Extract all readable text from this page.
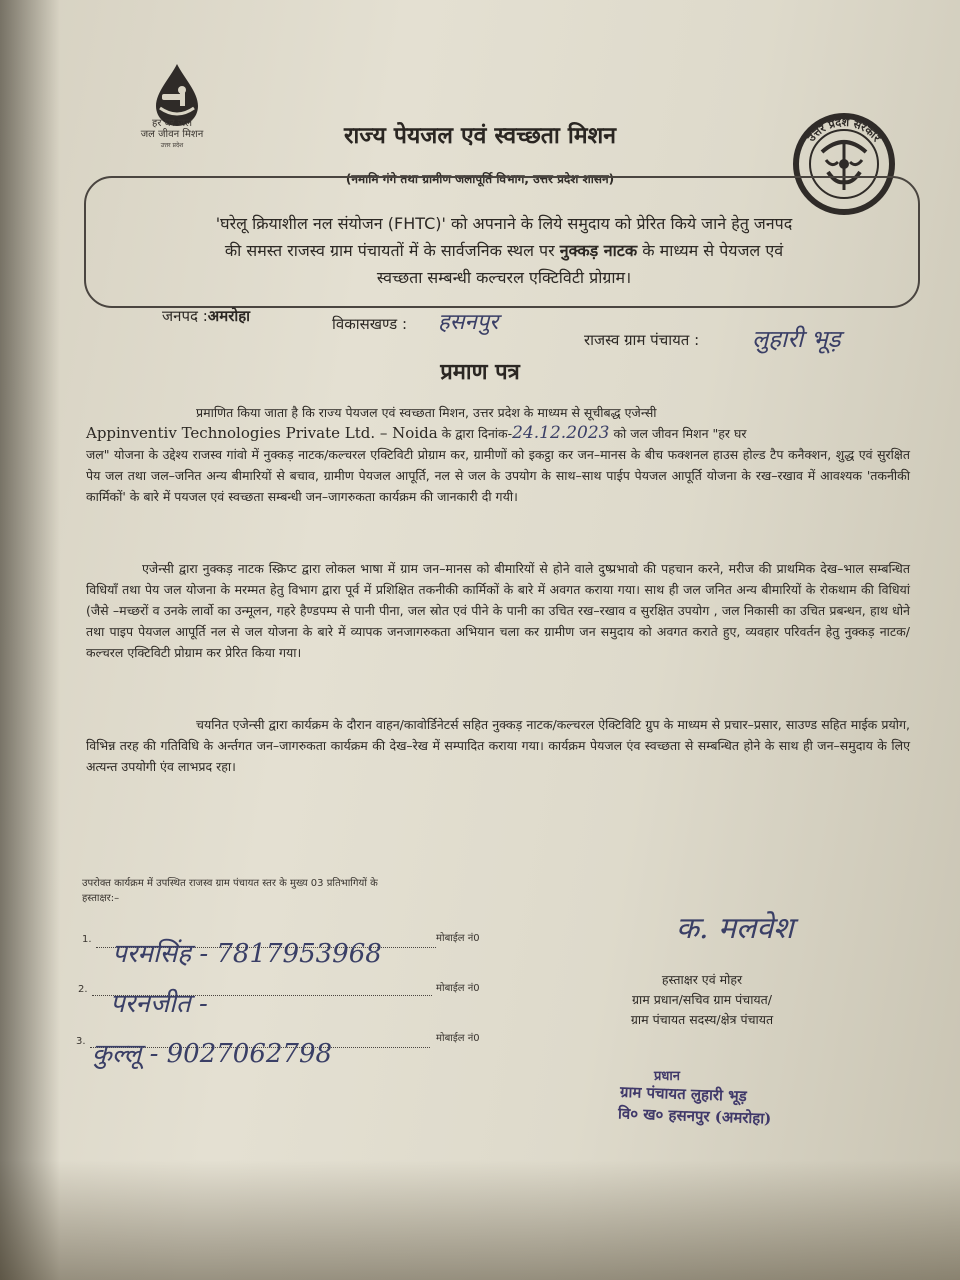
हर घर जल
जल जीवन मिशन
उत्तर प्रदेश
उत्तर प्रदेश सरकार
राज्य पेयजल एवं स्वच्छता मिशन
(नमामि गंगे तथा ग्रामीण जलापूर्ति विभाग, उत्तर प्रदेश शासन)
'घरेलू क्रियाशील नल संयोजन (FHTC)' को अपनाने के लिये समुदाय को प्रेरित किये जाने हेतु जनपद
की समस्त राजस्व ग्राम पंचायतों में के सार्वजनिक स्थल पर नुक्कड़ नाटक के माध्यम से पेयजल एवं
स्वच्छता सम्बन्धी कल्चरल एक्टिविटी प्रोग्राम।
जनपद :अमरोहा	विकासखण्ड : हसनपुर
राजस्व ग्राम पंचायत : लुहारी भूड़
प्रमाण पत्र
प्रमाणित किया जाता है कि राज्य पेयजल एवं स्वच्छता मिशन, उत्तर प्रदेश के माध्यम से सूचीबद्ध एजेन्सी
Appinventiv Technologies Private Ltd. – Noida के द्वारा दिनांक-24.12.2023 को जल जीवन मिशन "हर घर
जल" योजना के उद्देश्य राजस्व गांवो में नुक्कड़ नाटक/कल्चरल एक्टिविटी प्रोग्राम कर, ग्रामीणों को इकट्ठा कर जन–मानस के बीच फक्शनल हाउस होल्ड टैप कनैक्शन, शुद्ध एवं सुरक्षित पेय जल तथा जल–जनित अन्य बीमारियों से बचाव, ग्रामीण पेयजल आपूर्ति, नल से जल के उपयोग के साथ–साथ पाईप पेयजल आपूर्ति योजना के रख–रखाव में आवश्यक 'तकनीकी कार्मिकों' के बारे में पयजल एवं स्वच्छता सम्बन्धी जन–जागरुकता कार्यक्रम की जानकारी दी गयी।
एजेन्सी द्वारा नुक्कड़ नाटक स्क्रिप्ट द्वारा लोकल भाषा में ग्राम जन–मानस को बीमारियों से होने वाले दुष्प्रभावो की पहचान करने, मरीज की प्राथमिक देख–भाल सम्बन्धित विधियाँ तथा पेय जल योजना के मरम्मत हेतु विभाग द्वारा पूर्व में प्रशिक्षित तकनीकी कार्मिकों के बारे में अवगत कराया गया। साथ ही जल जनित अन्य बीमारियों के रोकथाम की विधियां (जैसे –मच्छरों व उनके लार्वो का उन्मूलन, गहरे हैण्डपम्प से पानी पीना, जल स्रोत एवं पीने के पानी का उचित रख–रखाव व सुरक्षित उपयोग , जल निकासी का उचित प्रबन्धन, हाथ धोने तथा पाइप पेयजल आपूर्ति नल से जल योजना के बारे में व्यापक जनजागरुकता अभियान चला कर ग्रामीण जन समुदाय को अवगत कराते हुए, व्यवहार परिवर्तन हेतु नुक्कड़ नाटक/कल्चरल एक्टिविटी प्रोग्राम कर प्रेरित किया गया।
चयनित एजेन्सी द्वारा कार्यक्रम के दौरान वाहन/कावोर्डिनेटर्स सहित नुक्कड़ नाटक/कल्चरल ऐक्टिविटि ग्रुप के माध्यम से प्रचार–प्रसार, साउण्ड सहित माईक प्रयोग, विभिन्न तरह की गतिविधि के अर्न्तगत जन–जागरुकता कार्यक्रम की देख–रेख में सम्पादित कराया गया। कार्यक्रम पेयजल एंव स्वच्छता से सम्बन्धित होने के साथ ही जन–समुदाय के लिए अत्यन्त उपयोगी एंव लाभप्रद रहा।
उपरोक्त कार्यक्रम में उपस्थित राजस्व ग्राम पंचायत स्तर के मुख्य 03 प्रतिभागियों के
हस्ताक्षर:–
1. परमसिंह - 7817953968
मोबाईल नं0
2. परनजीत -
मोबाईल नं0
3. कुल्लू - 9027062798
मोबाईल नं0
क. मलवेश
हस्ताक्षर एवं मोहर
ग्राम प्रधान/सचिव ग्राम पंचायत/
ग्राम पंचायत सदस्य/क्षेत्र पंचायत
प्रधान
ग्राम पंचायत लुहारी भूड़
वि० ख० हसनपुर (अमरोहा)
